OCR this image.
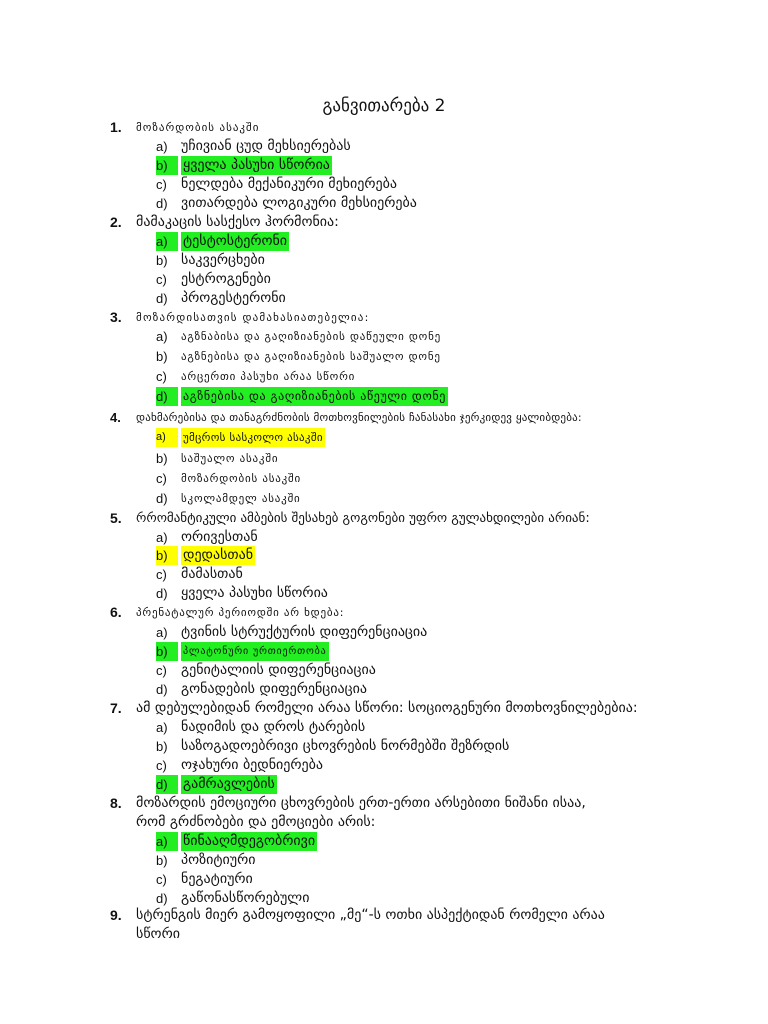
განვითარება 2
1.	მოზარდობის ასაკში
a) უჩივიან ცუდ მეხსიერებას
b)	ყველა პასუხი სწორია
c)	ნელდება მექანიკური მეხიერება
d) ვითარდება ლოგიკური მეხსიერება
2.	მამაკაცის სასქესო ჰორმონია:
a)	ტესტოსტერონი
b) საკვერცხები
c)	ესტროგენები
d) პროგესტერონი
3.	მოზარდისათვის დამახასიათებელია:
a)	აგზნაბისა და გაღიზიანების დაწეული დონე
b)	აგზნებისა და გაღიზიანების საშუალო დონე
c)	არცერთი პასუხი არაა სწორი
d)	აგზნებისა და გაღიზიანების აწეული დონე
4.	დახმარებისა და თანაგრძნობის მოთხოვნილების ჩანასახი ჯერკიდევ ყალიბდება:
a)	უმცროს სასკოლო ასაკში
b)	საშუალო ასაკში
c)	მოზარდობის ასაკში
d)	სკოლამდელ ასაკში
5.	რრომანტიკული ამბების შესახებ გოგონები უფრო გულახდილები არიან:
a) ორივესთან
b)	დედასთან
c)	მამასთან
d) ყველა პასუხი სწორია
6.	პრენატალურ პერიოდში არ ხდება:
a) ტვინის სტრუქტურის დიფერენციაცია
b)	პლატონური ურთიერთობა
c)	გენიტალიის დიფერენციაცია
d) გონადების დიფერენციაცია
7.	ამ დებულებიდან რომელი არაა სწორი: სოციოგენური მოთხოვნილებებია:
a) ნადიმის და დროს ტარების
b) საზოგადოებრივი ცხოვრების ნორმებში შეზრდის
c)	ოჯახური ბედნიერება
d)	გამრავლების
8.	მოზარდის ემოციური ცხოვრების ერთ-ერთი არსებითი ნიშანი ისაა, რომ გრძნობები და ემოციები არის:
a)	წინააღმდეგობრივი
b) პოზიტიური
c)	ნეგატიური
d) გაწონასწორებული
9.	სტრენგის მიერ გამოყოფილი „მე“-ს ოთხი ასპექტიდან რომელი არაა სწორი
